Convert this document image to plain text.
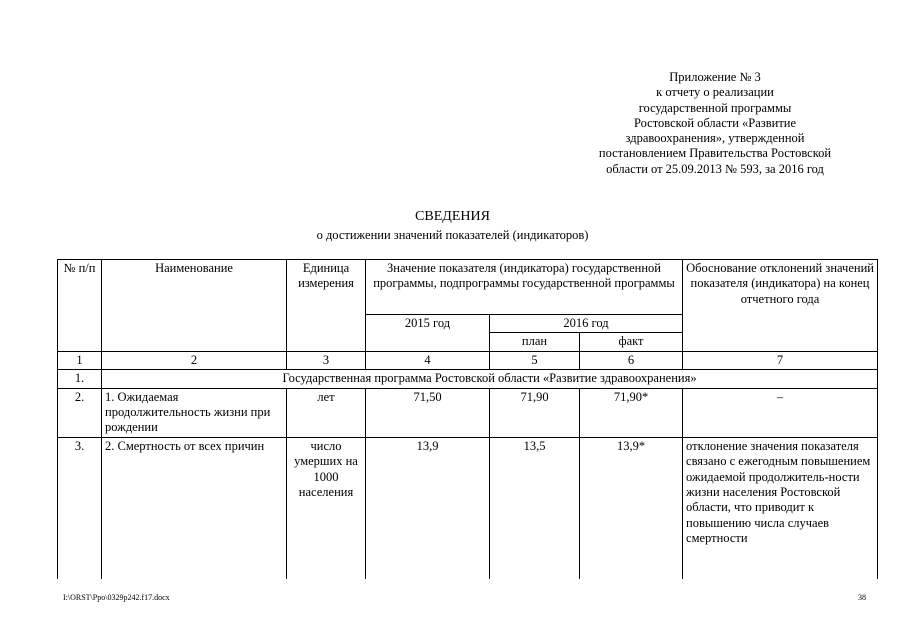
Приложение № 3
к отчету о реализации
государственной программы
Ростовской области «Развитие
здравоохранения», утвержденной
постановлением Правительства Ростовской
области от 25.09.2013 № 593, за 2016 год
СВЕДЕНИЯ
о достижении значений показателей (индикаторов)
№ п/п	Наименование	Единица измерения	Значение показателя (индикатора) государственной программы, подпрограммы государственной программы			Обоснование отклонений значений показателя (индикатора) на конец отчетного года
			2015 год	2016 год		
				план	факт	
1	2	3	4	5	6	7
1.	Государственная программа Ростовской области «Развитие здравоохранения»					
2.	1. Ожидаемая продолжительность жизни при рождении	лет	71,50	71,90	71,90*	–
3.	2. Смертность от всех причин	число умерших на 1000 населения	13,9	13,5	13,9*	отклонение значения показателя связано с ежегодным повышением ожидаемой продолжитель-ности жизни населения Ростовской области, что приводит к повышению числа случаев смертности
I:\ORST\Ppo\0329p242.f17.docx	38
